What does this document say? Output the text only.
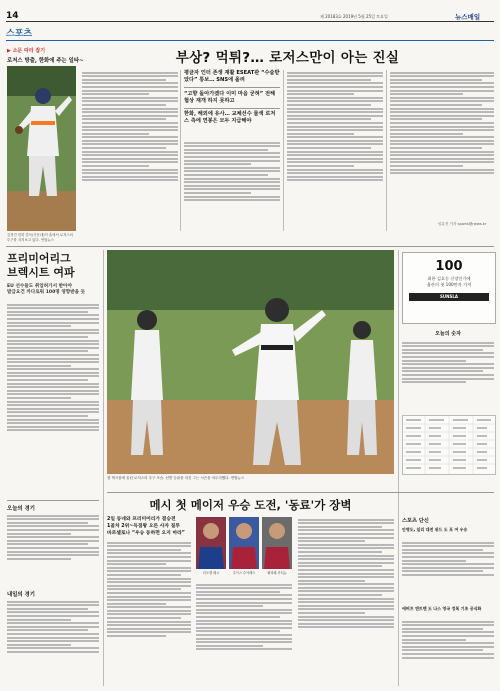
14	제 20183호 2019년 5월 25일 토요일	뉴스매일
스포츠
▶ 소문 따라 잡기
로저스 방출, 한화에 주는 일타~
김경진 한화 감독(가운데)이 홈에서 로저스의 투구를 지켜보고 있다. 연합뉴스
부상? 먹튀?… 로저스만이 아는 진실
평균자 인터 존생 재활 ESEAT관 “수술받았다” 통보… SNS에 올려
“고향 돌아가겠다 이미 마음 굳혀” 전해 협상 재개 하지 못하고
한화, 해외에 유사… 교체선수 물색 로저스 측에 연봉은 모두 지급해야
임유진 기자 sports@news.kr
프리미어리그
브렉시트 여파
EU 선수들도 취업허가서 받아야
발급요건 까다로워 100명 영향받을 듯
오늘의 경기
내일의 경기
첫 게시물에 올린 로저스의 투구 모습. 선발 등판을 마친 그는 시즌을 마무리했다. 연합뉴스
100
최한 김호동 신장인가에
울산의 첫 100만자 가져
SUNSLA
오늘의 숫자
메시 첫 메이저 우승 도전, '동료'가 장벽
2일 동네와 프리미어리가 결승전
1골차 2위~득점왕 오른 사자 질투
바르셀로나 “우승 동하면 오지 마라”
리오넬 메시	루이스 수아레스	필리페 쿠티뉴
스포츠 단신
안병도, 일리 대전 위드 도 포 여 우승
애버프 엔트맨 도 나스 영국 정복 기초 공식화
